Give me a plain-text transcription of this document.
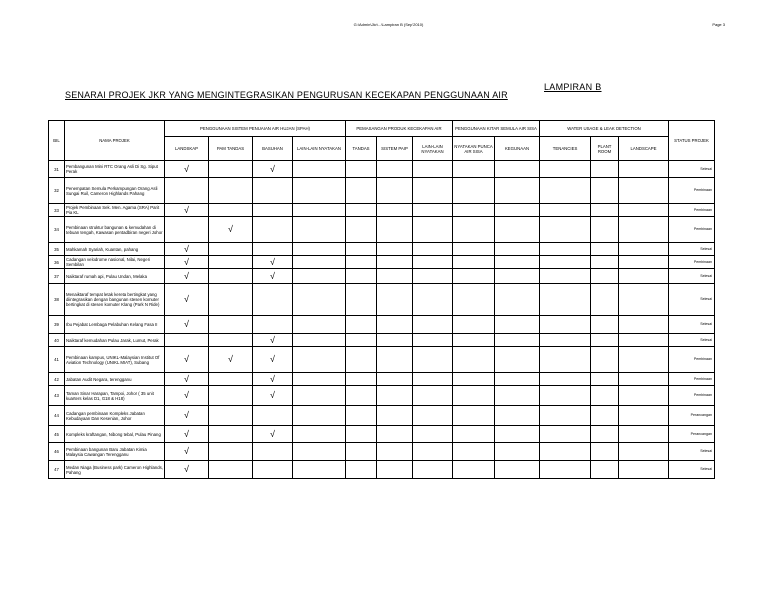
G:\Admin\Jkr\...\Lampiran B (Sep'2010)	Page 3
LAMPIRAN B
SENARAI PROJEK JKR YANG MENGINTEGRASIKAN PENGURUSAN KECEKAPAN PENGGUNAAN AIR
BIL	NAMA PROJEK	PENGGUNAAN SISTEM PENUAIAN AIR HUJAN (SPAH)				PEMASANGAN PRODUK KECEKAPAN AIR			PENGGUNAAN KITAR SEMULA AIR SISA		WATER USAGE & LEAK DETECTION			STATUS PROJEK
		LANDSKAP	PAM TANDAS	BASUHAN	LAIN-LAIN NYATAKAN	TANDAS	SISTEM PAIP	LAIN-LAIN NYATAKAN	NYATAKAN PUNCA AIR SISA	KEGUNAAN	TENANCIES	PLANT ROOM	LANDSCAPE	
31	Pembangunan Mini RTC Orang Asli Di Sg. Siput Perak	√		√										Selesai
32	Penempatan Semula Perkampungan Orang Asli Sungai Ruil, Cameron Highlands Pahang													Pembinaan
33	Projek Pembinaan Sek. Men. Agama (SRA) Parit Pia KL	√												Pembinaan
34	Pembinaan struktur bangunan & kemudahan di tebuan tengah, Kawasan pentadbiran negeri Johor		√											Pembinaan
35	Mahkamah Syariah, Kuantan, pahang	√												Selesai
36	Cadangan velodrome nasional, Nilai, Negeri Sembilan	√		√										Pembinaan
37	Naiktaraf rumah api, Pulau Undan, Melaka	√		√										Selesai
38	Menaiktaraf tempat letak kereta bertingkat yang diintegrasikan dengan bangunan stesen komuter bertingkat di stesen komuter Klang (Park N Ride)	√												Selesai
39	Ibu Pejabat Lembaga Pelabuhan Kelang Fasa II	√												Selesai
40	Naiktaraf kemudahan Pulau Jarak, Lumut, Perak			√										Selesai
41	Pembinaan kampus, UNIKL-Malaysian Institut Of Aviation Technology (UNIKL MIAT), Subang	√	√	√										Pembinaan
42	Jabatan Audit Negara, terengganu	√		√										Pembinaan
43	Taman Sinar Harapan, Tampoi, Johor ( 35 unit kuarters kelas D1, G18 & H18)	√		√										Pembinaan
44	Cadangan pembinaan Kompleks Jabatan Kebudayaan Dan Kesenian, Johor	√												Perancangan
45	Kompleks kraftangan, Nibong tebal, Pulau Pinang	√		√										Perancangan
46	Pembinaan bangunan Baru Jabatan Kimia Malaysia Cawangan Terengganu	√												Selesai
47	Medan Niaga (Business park) Cameron Highlands, Pahang	√												Selesai
